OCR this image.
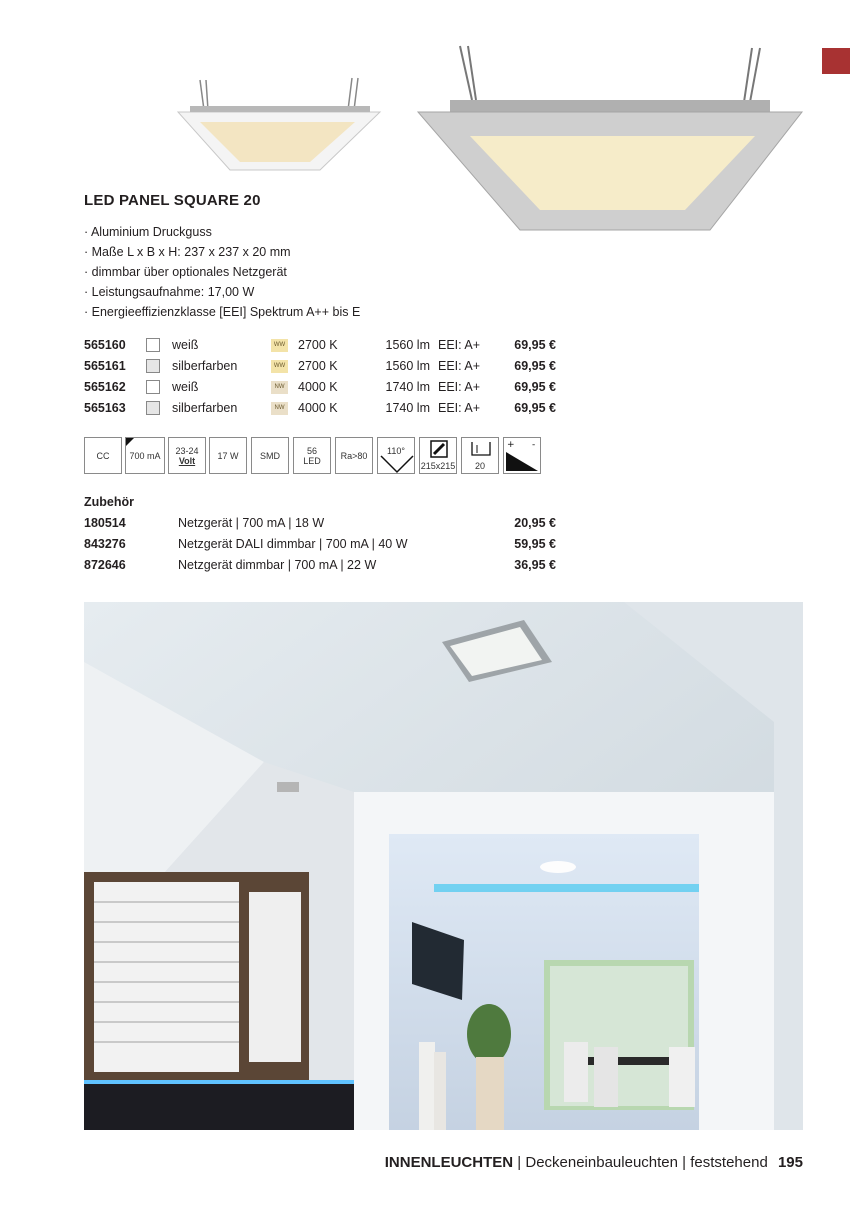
LED PANEL SQUARE 20
· Aluminium Druckguss
· Maße L x B x H: 237 x 237 x 20 mm
· dimmbar über optionales Netzgerät
· Leistungsaufnahme: 17,00 W
· Energieeffizienzklasse [EEI] Spektrum A++ bis E
565160	weiß	WW 2700 K	1560 lm EEI: A+	69,95 €
565161	silberfarben	WW 2700 K	1560 lm EEI: A+	69,95 €
565162	weiß	NW 4000 K	1740 lm EEI: A+	69,95 €
565163	silberfarben	NW 4000 K	1740 lm EEI: A+	69,95 €
CC 700 mA 23-24
Volt 17 W SMD	56
LED Ra>80 110°
215x215 20
+ -
Zubehör
180514	Netzgerät | 700 mA | 18 W	20,95 €
843276	Netzgerät DALI dimmbar | 700 mA | 40 W	59,95 €
872646	Netzgerät dimmbar | 700 mA | 22 W	36,95 €
INNENLEUCHTEN | Deckeneinbauleuchten | feststehend 195
